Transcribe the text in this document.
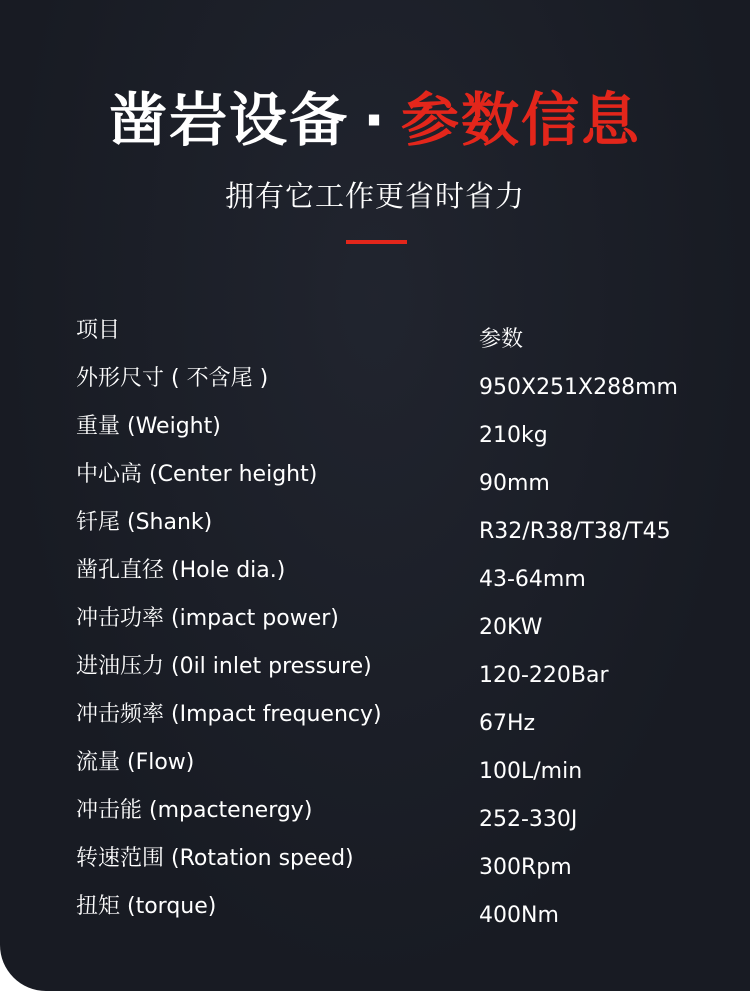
凿岩设备 · 参数信息
拥有它工作更省时省力
项目	参数
外形尺寸 ( 不含尾 )	950X251X288mm
重量 (Weight)	210kg
中心高 (Center height)	90mm
钎尾 (Shank)	R32/R38/T38/T45
凿孔直径 (Hole dia.)	43-64mm
冲击功率 (impact power)	20KW
进油压力 (0il inlet pressure)	120-220Bar
冲击频率 (Impact frequency)	67Hz
流量 (Flow)	100L/min
冲击能 (mpactenergy)	252-330J
转速范围 (Rotation speed)	300Rpm
扭矩 (torque)	400Nm
